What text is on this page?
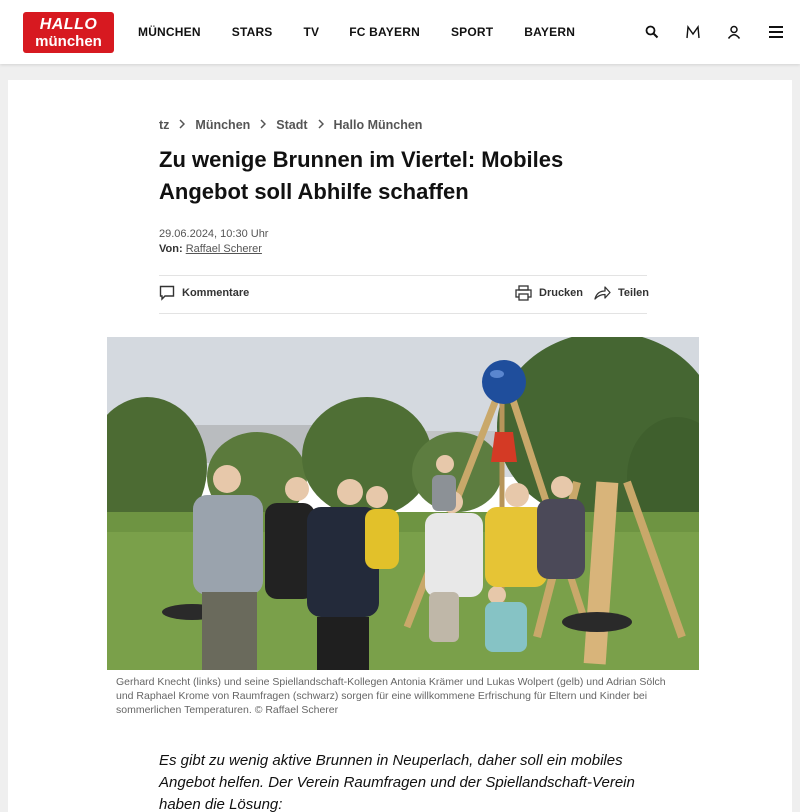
HALLO
münchen
MÜNCHEN	STARS	TV	FC BAYERN	SPORT	BAYERN
tz München Stadt Hallo München
Zu wenige Brunnen im Viertel: Mobiles Angebot soll Abhilfe schaffen
29.06.2024, 10:30 Uhr
Von: Raffael Scherer
Kommentare	Drucken	Teilen

Gerhard Knecht (links) und seine Spiellandschaft-Kollegen Antonia Krämer und Lukas Wolpert (gelb) und Adrian Sölch und Raphael Krome von Raumfragen (schwarz) sorgen für eine willkommene Erfrischung für Eltern und Kinder bei sommerlichen Temperaturen. © Raffael Scherer

Es gibt zu wenig aktive Brunnen in Neuperlach, daher soll ein mobiles Angebot helfen. Der Verein Raumfragen und der Spiellandschaft-Verein haben die Lösung:
